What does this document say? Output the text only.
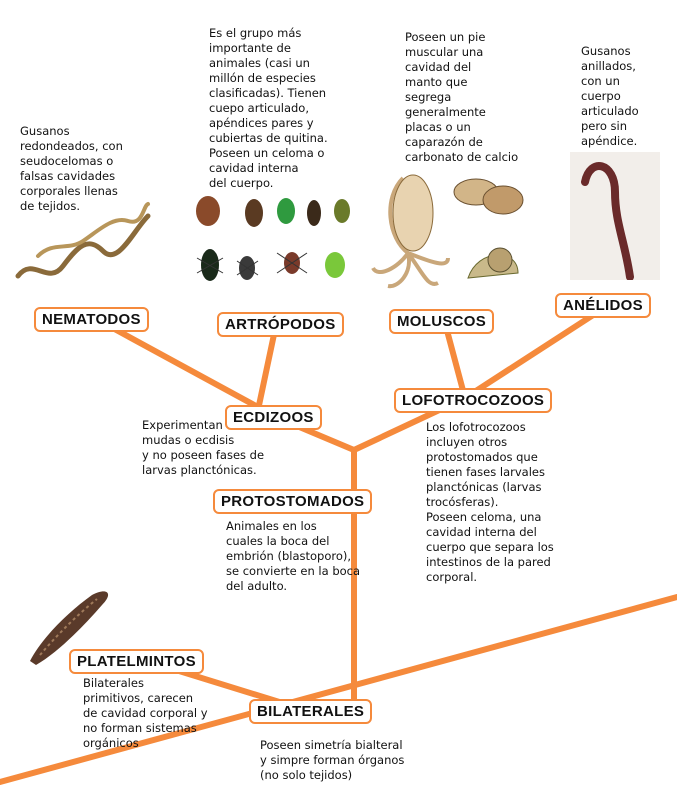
Gusanos
redondeados, con
seudocelomas o
falsas cavidades
corporales llenas
de tejidos.
Es el grupo más
importante de
animales (casi un
millón de especies
clasificadas). Tienen
cuepo articulado,
apéndices pares y
cubiertas de quitina.
Poseen un celoma o
cavidad interna
del cuerpo.
Poseen un pie
muscular una
cavidad del
manto que
segrega
generalmente
placas o un
caparazón de
carbonato de calcio
Gusanos
anillados,
con un
cuerpo
articulado
pero sin
apéndice.
Experimentan
mudas o ecdisis
y no poseen fases de
larvas planctónicas.
Los lofotrocozoos
incluyen otros
protostomados que
tienen fases larvales
planctónicas (larvas
trocósferas).
Poseen celoma, una
cavidad interna del
cuerpo que separa los
intestinos de la pared
corporal.
Animales en los
cuales la boca del
embrión (blastoporo),
se convierte en la boca
del adulto.
Bilaterales
primitivos, carecen
de cavidad corporal y
no forman sistemas
orgánicos	Poseen simetría bialteral
y simpre forman órganos
(no solo tejidos)
NEMATODOS	ARTRÓPODOS	MOLUSCOS
ANÉLIDOS
ECDIZOOS
LOFOTROCOZOOS
PROTOSTOMADOS
PLATELMINTOS
BILATERALES
